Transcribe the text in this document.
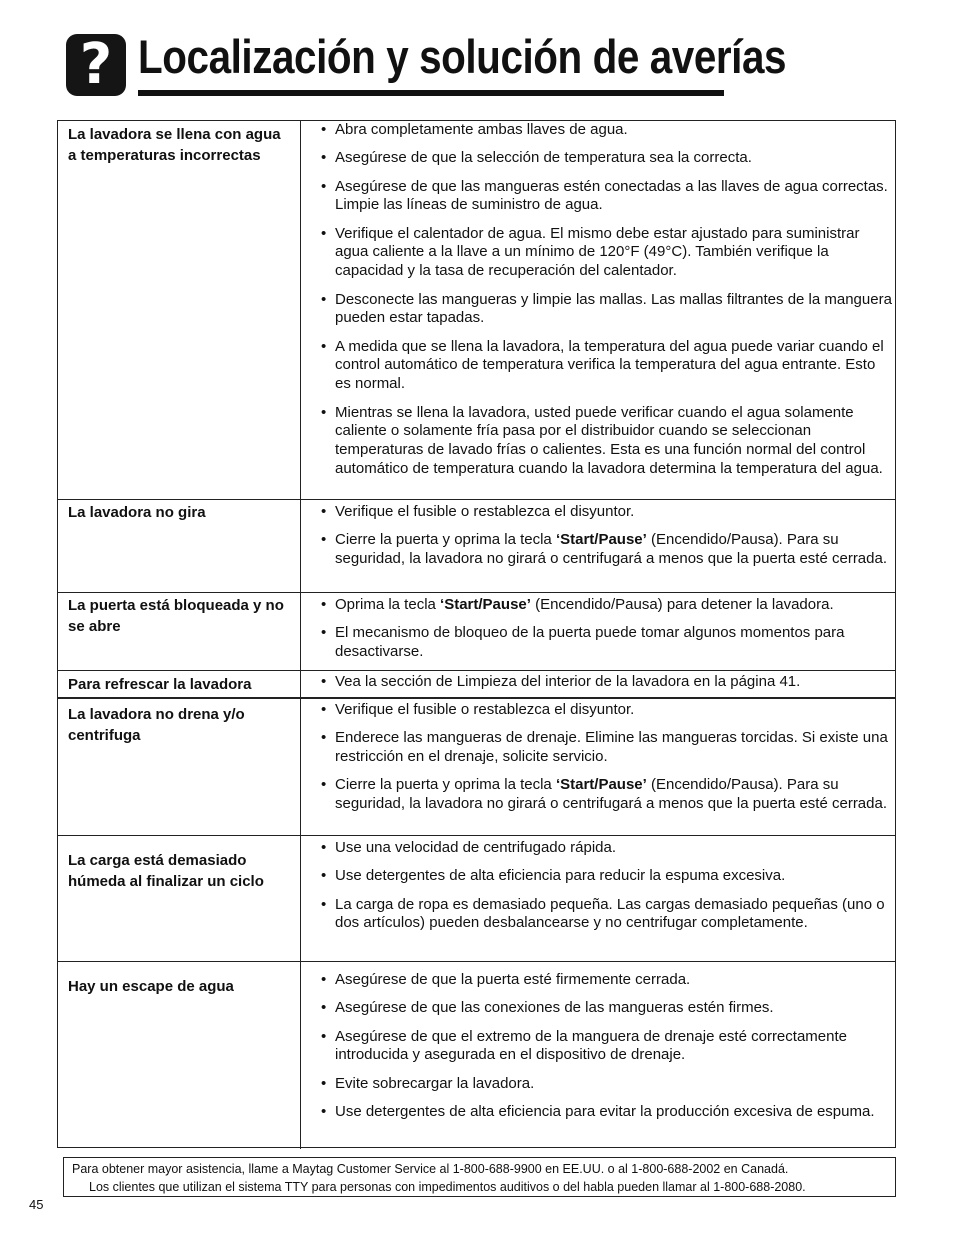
? Localización y solución de averías
La lavadora se llena con agua a temperaturas incorrectas
• Abra completamente ambas llaves de agua.
• Asegúrese de que la selección de temperatura sea la correcta.
• Asegúrese de que las mangueras estén conectadas a las llaves de agua correctas. Limpie las líneas de suministro de agua.
• Verifique el calentador de agua. El mismo debe estar ajustado para suministrar agua caliente a la llave a un mínimo de 120°F (49°C). También verifique la capacidad y la tasa de recuperación del calentador.
• Desconecte las mangueras y limpie las mallas. Las mallas filtrantes de la manguera pueden estar tapadas.
• A medida que se llena la lavadora, la temperatura del agua puede variar cuando el control automático de temperatura verifica la temperatura del agua entrante. Esto es normal.
• Mientras se llena la lavadora, usted puede verificar cuando el agua solamente caliente o solamente fría pasa por el distribuidor cuando se seleccionan temperaturas de lavado frías o calientes. Esta es una función normal del control automático de temperatura cuando la lavadora determina la temperatura del agua.
La lavadora no gira	• Verifique el fusible o restablezca el disyuntor.
• Cierre la puerta y oprima la tecla ‘Start/Pause’ (Encendido/Pausa). Para su seguridad, la lavadora no girará o centrifugará a menos que la puerta esté cerrada.
La puerta está bloqueada y no se abre
• Oprima la tecla ‘Start/Pause’ (Encendido/Pausa) para detener la lavadora.
• El mecanismo de bloqueo de la puerta puede tomar algunos momentos para desactivarse.
Para refrescar la lavadora	• Vea la sección de Limpieza del interior de la lavadora en la página 41.
La lavadora no drena y/o centrifuga
• Verifique el fusible o restablezca el disyuntor.
• Enderece las mangueras de drenaje. Elimine las mangueras torcidas. Si existe una restricción en el drenaje, solicite servicio.
• Cierre la puerta y oprima la tecla ‘Start/Pause’ (Encendido/Pausa). Para su seguridad, la lavadora no girará o centrifugará a menos que la puerta esté cerrada.
La carga está demasiado húmeda al finalizar un ciclo
• Use una velocidad de centrifugado rápida.
• Use detergentes de alta eficiencia para reducir la espuma excesiva.
• La carga de ropa es demasiado pequeña. Las cargas demasiado pequeñas (uno o dos artículos) pueden desbalancearse y no centrifugar completamente.
Hay un escape de agua	• Asegúrese de que la puerta esté firmemente cerrada.
• Asegúrese de que las conexiones de las mangueras estén firmes.
• Asegúrese de que el extremo de la manguera de drenaje esté correctamente introducida y asegurada en el dispositivo de drenaje.
• Evite sobrecargar la lavadora.
• Use detergentes de alta eficiencia para evitar la producción excesiva de espuma.
Para obtener mayor asistencia, llame a Maytag Customer Service al 1-800-688-9900 en EE.UU. o al 1-800-688-2002 en Canadá.
Los clientes que utilizan el sistema TTY para personas con impedimentos auditivos o del habla pueden llamar al 1-800-688-2080.
45
